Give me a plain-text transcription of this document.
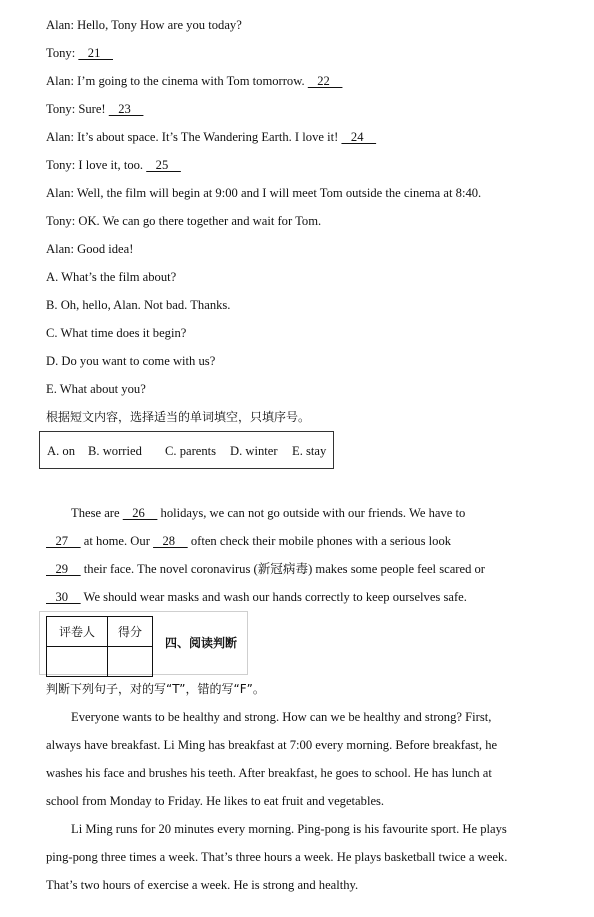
Alan: Hello, Tony How are you today?
Tony:    21
Alan: I’m going to the cinema with Tom tomorrow.    22
Tony: Sure!    23
Alan: It’s about space. It’s The Wandering Earth. I love it!    24
Tony: I love it, too.    25
Alan: Well, the film will begin at 9:00 and I will meet Tom outside the cinema at 8:40.
Tony: OK. We can go there together and wait for Tom.
Alan: Good idea!
A. What’s the film about?
B. Oh, hello, Alan. Not bad. Thanks.
C. What time does it begin?
D. Do you want to come with us?
E. What about you?
根据短文内容，选择适当的单词填空，只填序号。
A. on B. worried C. parents D. winter E. stay
These are    26     holidays, we can not go outside with our friends. We have to
27     at home. Our    28     often check their mobile phones with a serious look
29     their face. The novel coronavirus (新冠病毒) makes some people feel scared or
30     We should wear masks and wash our hands correctly to keep ourselves safe.
评卷人	得分

四、阅读判断
判断下列句子，对的写“T”，错的写“F”。
Everyone wants to be healthy and strong. How can we be healthy and strong? First,
always have breakfast. Li Ming has breakfast at 7:00 every morning. Before breakfast, he
washes his face and brushes his teeth. After breakfast, he goes to school. He has lunch at
school from Monday to Friday. He likes to eat fruit and vegetables.
Li Ming runs for 20 minutes every morning. Ping-pong is his favourite sport. He plays
ping-pong three times a week. That’s three hours a week. He plays basketball twice a week.
That’s two hours of exercise a week. He is strong and healthy.
